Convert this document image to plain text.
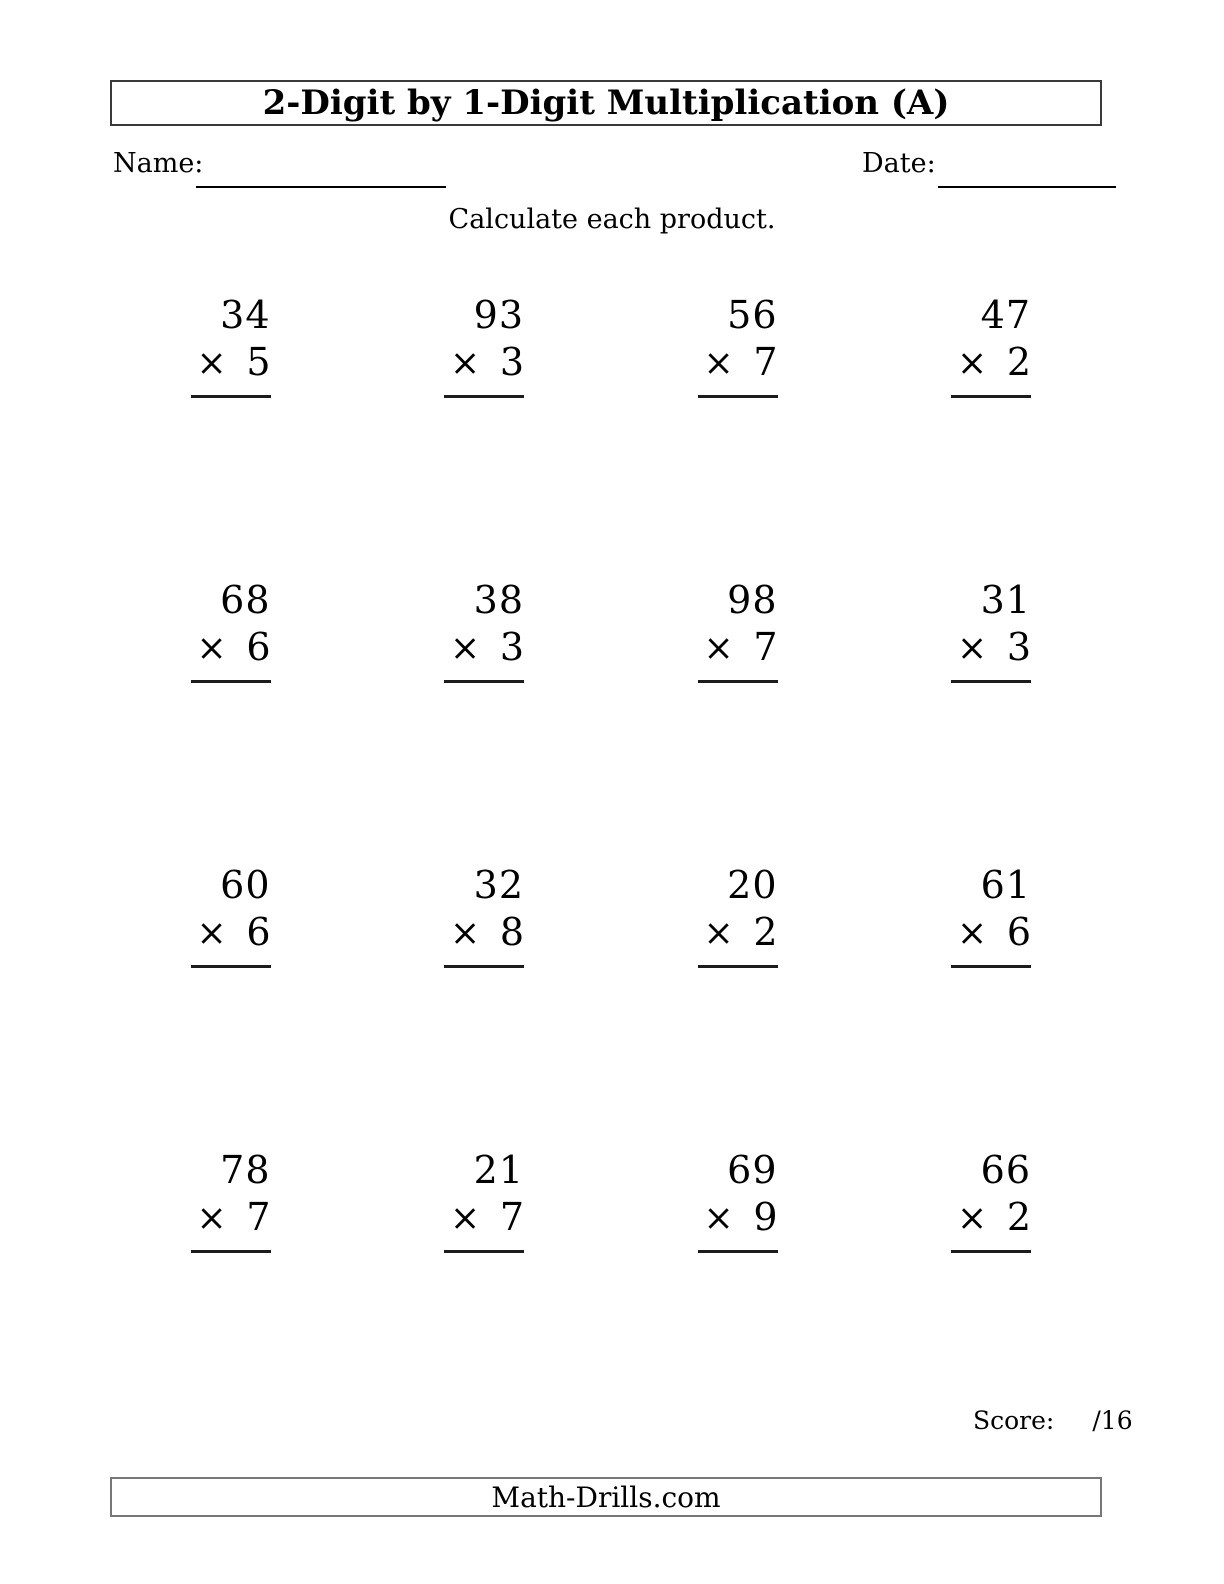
2-Digit by 1-Digit Multiplication (A)
Name:	Date:
Calculate each product.
34
× 5
93
× 3
56
× 7
47
× 2
68
× 6
38
× 3
98
× 7
31
× 3
60
× 6
32
× 8
20
× 2
61
× 6
78
× 7
21
× 7
69
× 9
66
× 2
Score: /16
Math-Drills.com
